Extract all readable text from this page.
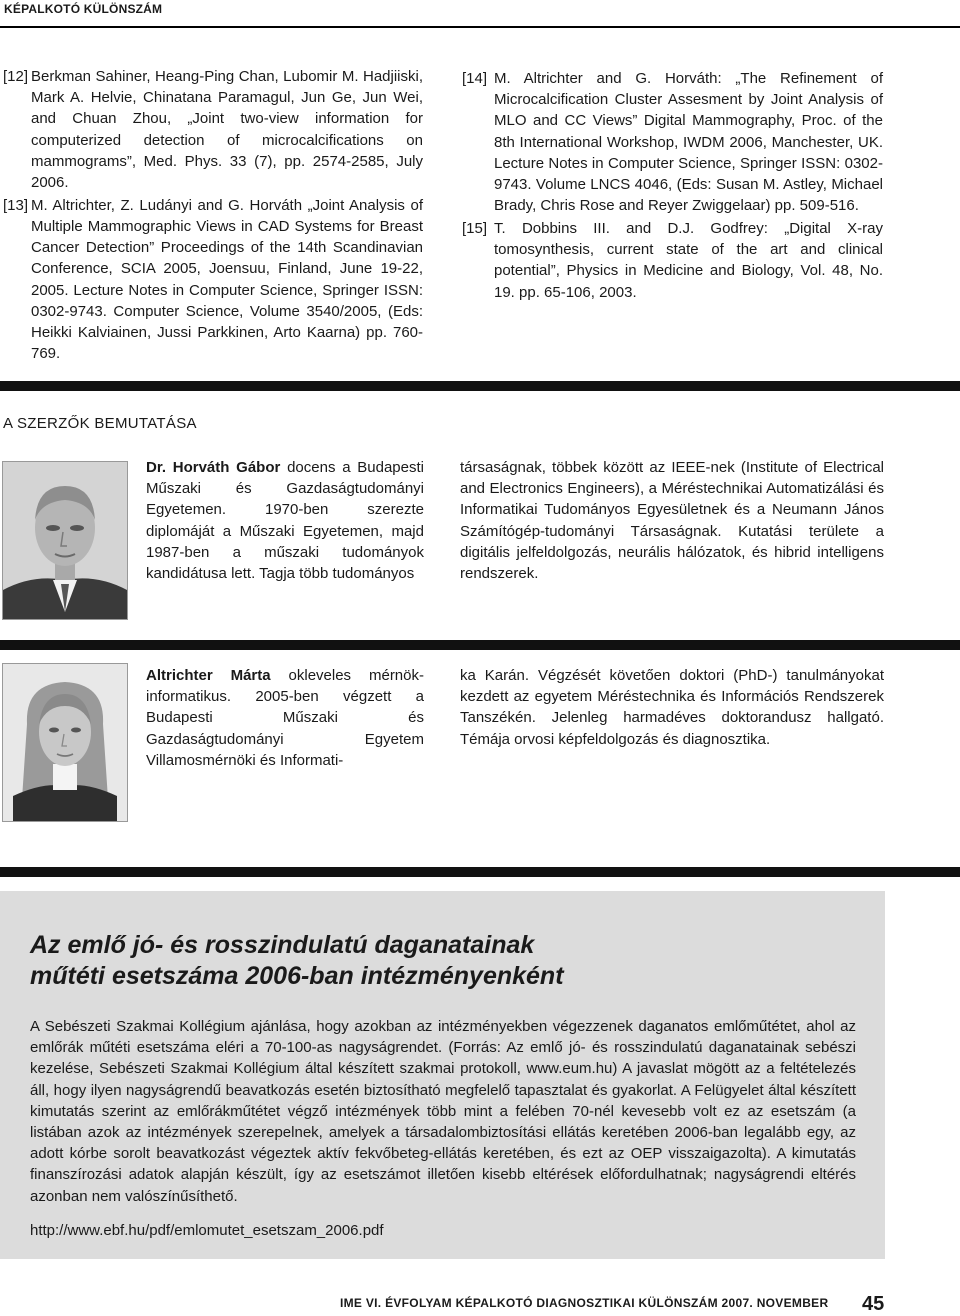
KÉPALKOTÓ KÜLÖNSZÁM
[12] Berkman Sahiner, Heang-Ping Chan, Lubomir M. Hadjiiski, Mark A. Helvie, Chinatana Paramagul, Jun Ge, Jun Wei, and Chuan Zhou, „Joint two-view information for computerized detection of microcalcifications on mammograms”, Med. Phys. 33 (7), pp. 2574-2585, July 2006.
[13] M. Altrichter, Z. Ludányi and G. Horváth „Joint Analysis of Multiple Mammographic Views in CAD Systems for Breast Cancer Detection” Proceedings of the 14th Scandinavian Conference, SCIA 2005, Joensuu, Finland, June 19-22, 2005. Lecture Notes in Computer Science, Springer ISSN: 0302-9743. Computer Science, Volume 3540/2005, (Eds: Heikki Kalviainen, Jussi Parkkinen, Arto Kaarna) pp. 760-769.
[14] M. Altrichter and G. Horváth: „The Refinement of Microcalcification Cluster Assesment by Joint Analysis of MLO and CC Views” Digital Mammography, Proc. of the 8th International Workshop, IWDM 2006, Manchester, UK. Lecture Notes in Computer Science, Springer ISSN: 0302-9743. Volume LNCS 4046, (Eds: Susan M. Astley, Michael Brady, Chris Rose and Reyer Zwiggelaar) pp. 509-516.
[15] T. Dobbins III. and D.J. Godfrey: „Digital X-ray tomosynthesis, current state of the art and clinical potential”, Physics in Medicine and Biology, Vol. 48, No. 19. pp. 65-106, 2003.
A SZERZŐK BEMUTATÁSA
Dr. Horváth Gábor docens a Budapesti Műszaki és Gazdaságtudományi Egyetemen. 1970-ben szerezte diplomáját a Műszaki Egyetemen, majd 1987-ben a műszaki tudományok kandidátusa lett. Tagja több tudományos
társaságnak, többek között az IEEE-nek (Institute of Electrical and Electronics Engineers), a Méréstechnikai Automatizálási és Informatikai Tudományos Egyesületnek és a Neumann János Számítógép-tudományi Társaságnak. Kutatási területe a digitális jelfeldolgozás, neurális hálózatok, és hibrid intelligens rendszerek.
Altrichter Márta okleveles mérnök-informatikus. 2005-ben végzett a Budapesti Műszaki és Gazdaságtudományi Egyetem Villamosmérnöki és Informati-
ka Karán. Végzését követően doktori (PhD-) tanulmányokat kezdett az egyetem Méréstechnika és Információs Rendszerek Tanszékén. Jelenleg harmadéves doktorandusz hallgató. Témája orvosi képfeldolgozás és diagnosztika.
Az emlő jó- és rosszindulatú daganatainak
műtéti esetszáma 2006-ban intézményenként
A Sebészeti Szakmai Kollégium ajánlása, hogy azokban az intézményekben végezzenek daganatos emlőműtétet, ahol az emlőrák műtéti esetszáma eléri a 70-100-as nagyságrendet. (Forrás: Az emlő jó- és rosszindulatú daganatainak sebészi kezelése, Sebészeti Szakmai Kollégium által készített szakmai protokoll, www.eum.hu) A javaslat mögött az a feltételezés áll, hogy ilyen nagyságrendű beavatkozás esetén biztosítható megfelelő tapasztalat és gyakorlat. A Felügyelet által készített kimutatás szerint az emlőrákműtétet végző intézmények több mint a felében 70-nél kevesebb volt ez az esetszám (a listában azok az intézmények szerepelnek, amelyek a társadalombiztosítási ellátás keretében 2006-ban legalább egy, az adott kórbe sorolt beavatkozást végeztek aktív fekvőbeteg-ellátás keretében, és ezt az OEP visszaigazolta). A kimutatás finanszírozási adatok alapján készült, így az esetszámot illetően kisebb eltérések előfordulhatnak; nagyságrendi eltérés azonban nem valószínűsíthető.
http://www.ebf.hu/pdf/emlomutet_esetszam_2006.pdf
IME VI. ÉVFOLYAM KÉPALKOTÓ DIAGNOSZTIKAI KÜLÖNSZÁM 2007. NOVEMBER 45
